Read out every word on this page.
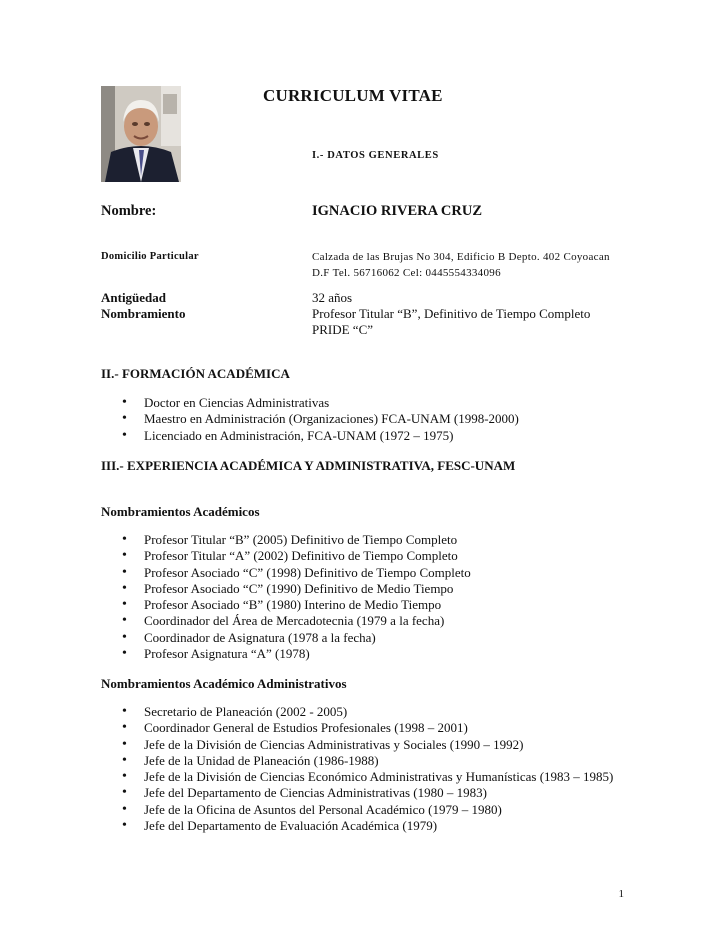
CURRICULUM VITAE
I.- DATOS GENERALES
Nombre:	IGNACIO RIVERA CRUZ
Domicilio Particular	Calzada de las Brujas No 304, Edificio B Depto. 402 Coyoacan
D.F Tel. 56716062 Cel: 0445554334096
Antigüedad
Nombramiento
32 años
Profesor Titular “B”, Definitivo de Tiempo Completo
PRIDE “C”
II.- FORMACIÓN ACADÉMICA
• Doctor en Ciencias Administrativas
• Maestro en Administración (Organizaciones) FCA-UNAM (1998-2000)
• Licenciado en Administración, FCA-UNAM (1972 – 1975)
III.- EXPERIENCIA ACADÉMICA Y ADMINISTRATIVA, FESC-UNAM
Nombramientos Académicos
• Profesor Titular “B” (2005) Definitivo de Tiempo Completo
• Profesor Titular “A” (2002) Definitivo de Tiempo Completo
• Profesor Asociado “C” (1998) Definitivo de Tiempo Completo
• Profesor Asociado “C” (1990) Definitivo de Medio Tiempo
• Profesor Asociado “B” (1980) Interino de Medio Tiempo
• Coordinador del Área de Mercadotecnia (1979 a la fecha)
• Coordinador de Asignatura (1978 a la fecha)
• Profesor Asignatura “A” (1978)
Nombramientos Académico Administrativos
• Secretario de Planeación (2002 - 2005)
• Coordinador General de Estudios Profesionales (1998 – 2001)
• Jefe de la División de Ciencias Administrativas y Sociales (1990 – 1992)
• Jefe de la Unidad de Planeación (1986-1988)
• Jefe de la División de Ciencias Económico Administrativas y Humanísticas (1983 – 1985)
• Jefe del Departamento de Ciencias Administrativas (1980 – 1983)
• Jefe de la Oficina de Asuntos del Personal Académico (1979 – 1980)
• Jefe del Departamento de Evaluación Académica (1979)
1
